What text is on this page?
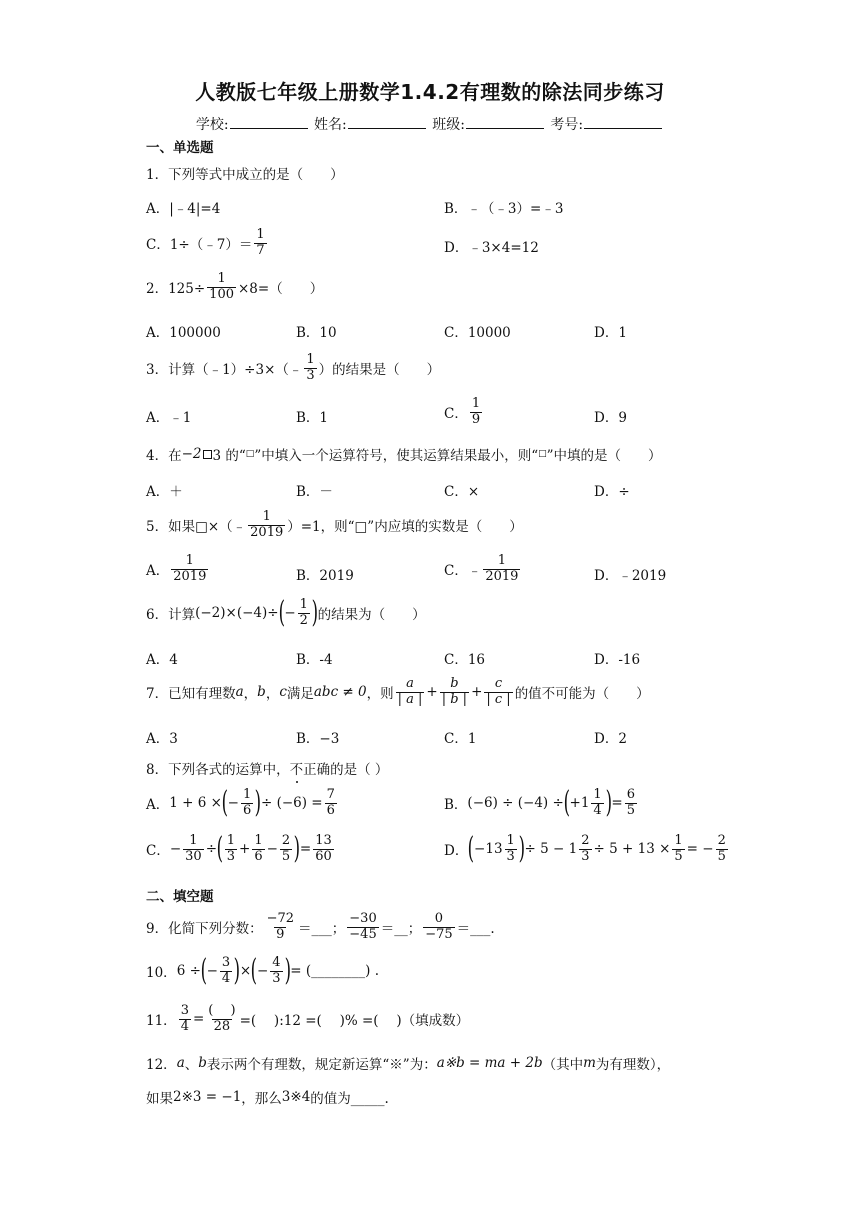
人教版七年级上册数学1.4.2有理数的除法同步练习
学校:	姓名:	班级:	考号:
一、单选题
1．下列等式中成立的是（　　）
A．|﹣4|=4	B．﹣（﹣3）=﹣3
C．1÷（﹣7）＝ $\frac{1}{7}$	D．﹣3×4=12
2．$125\div \frac{1}{100} \times 8=$（　　）
A．100000	B．10	C．10000	D．1
3．计算（﹣1）÷3×（﹣ $\frac{1}{3}$ ）的结果是（　　）
A．﹣1	B．1	C． $\frac{1}{9}$	D．9
4．在 −2 3 的“ □ ”中填入一个运算符号，使其运算结果最小，则“ □ ”中填的是（　　）
A．＋	B．－	C．×	D．÷
5．如果□×（﹣ $\frac{1}{2019} )=1$，则“□”内应填的实数是（　　）
A． $\frac{1}{2019}$	B．2019	C．﹣ $\frac{1}{2019}$	D．﹣2019
6．计算 (−2)×(−4)÷ ( − $\frac{1}{2}$ ) 的结果为（　　）
A．4	B．-4	C．16	D．-16
7．已知有理数 a ， b ， c 满足 abc ≠ 0 ，则 $\frac{a}{| a |} + \frac{b}{| b |} + \frac{c}{| c |}$ 的值不可能为（　　）
A．3	B．−3	C．1	D．2
8．下列各式的运算中， 不 正确的是（ ）
A． 1 + 6 × ( − $\frac{1}{6}$ ) ÷ $(-6) = \frac{7}{6}$	B． (−6) ÷ (−4) ÷ ( $+1 \frac{1}{4}$ ) = $\frac{6}{5}$
C． − $\frac{1}{30}$ ÷ ( $\frac{1}{3} + \frac{1}{6} - \frac{2}{5}$ ) = $\frac{13}{60}$	D． ( $-13 \frac{1}{3}$ ) ÷ $5 - 1 \frac{2}{3} \div 5 + 13 \times \frac{1}{5}$ = − $\frac{2}{5}$
二、填空题
9．化简下列分数： $\frac{-72}{9}$ ＝___； $\frac{-30}{-45}$ ＝__； $\frac{0}{-75}$ ＝___.
10． 6 ÷ ( − $\frac{3}{4}$ ) × ( − $\frac{4}{3}$ ) = (________) .
11． $\frac{3}{4} = \frac{( )}{28}$ =(　 ):12 =(　 )% =(　 )（填成数）
12． a 、 b 表示两个有理数，规定新运算“※”为： a※b = ma + 2b （其中 m 为有理数），
如果 2※3 = −1 ，那么 3※4 的值为_____.
